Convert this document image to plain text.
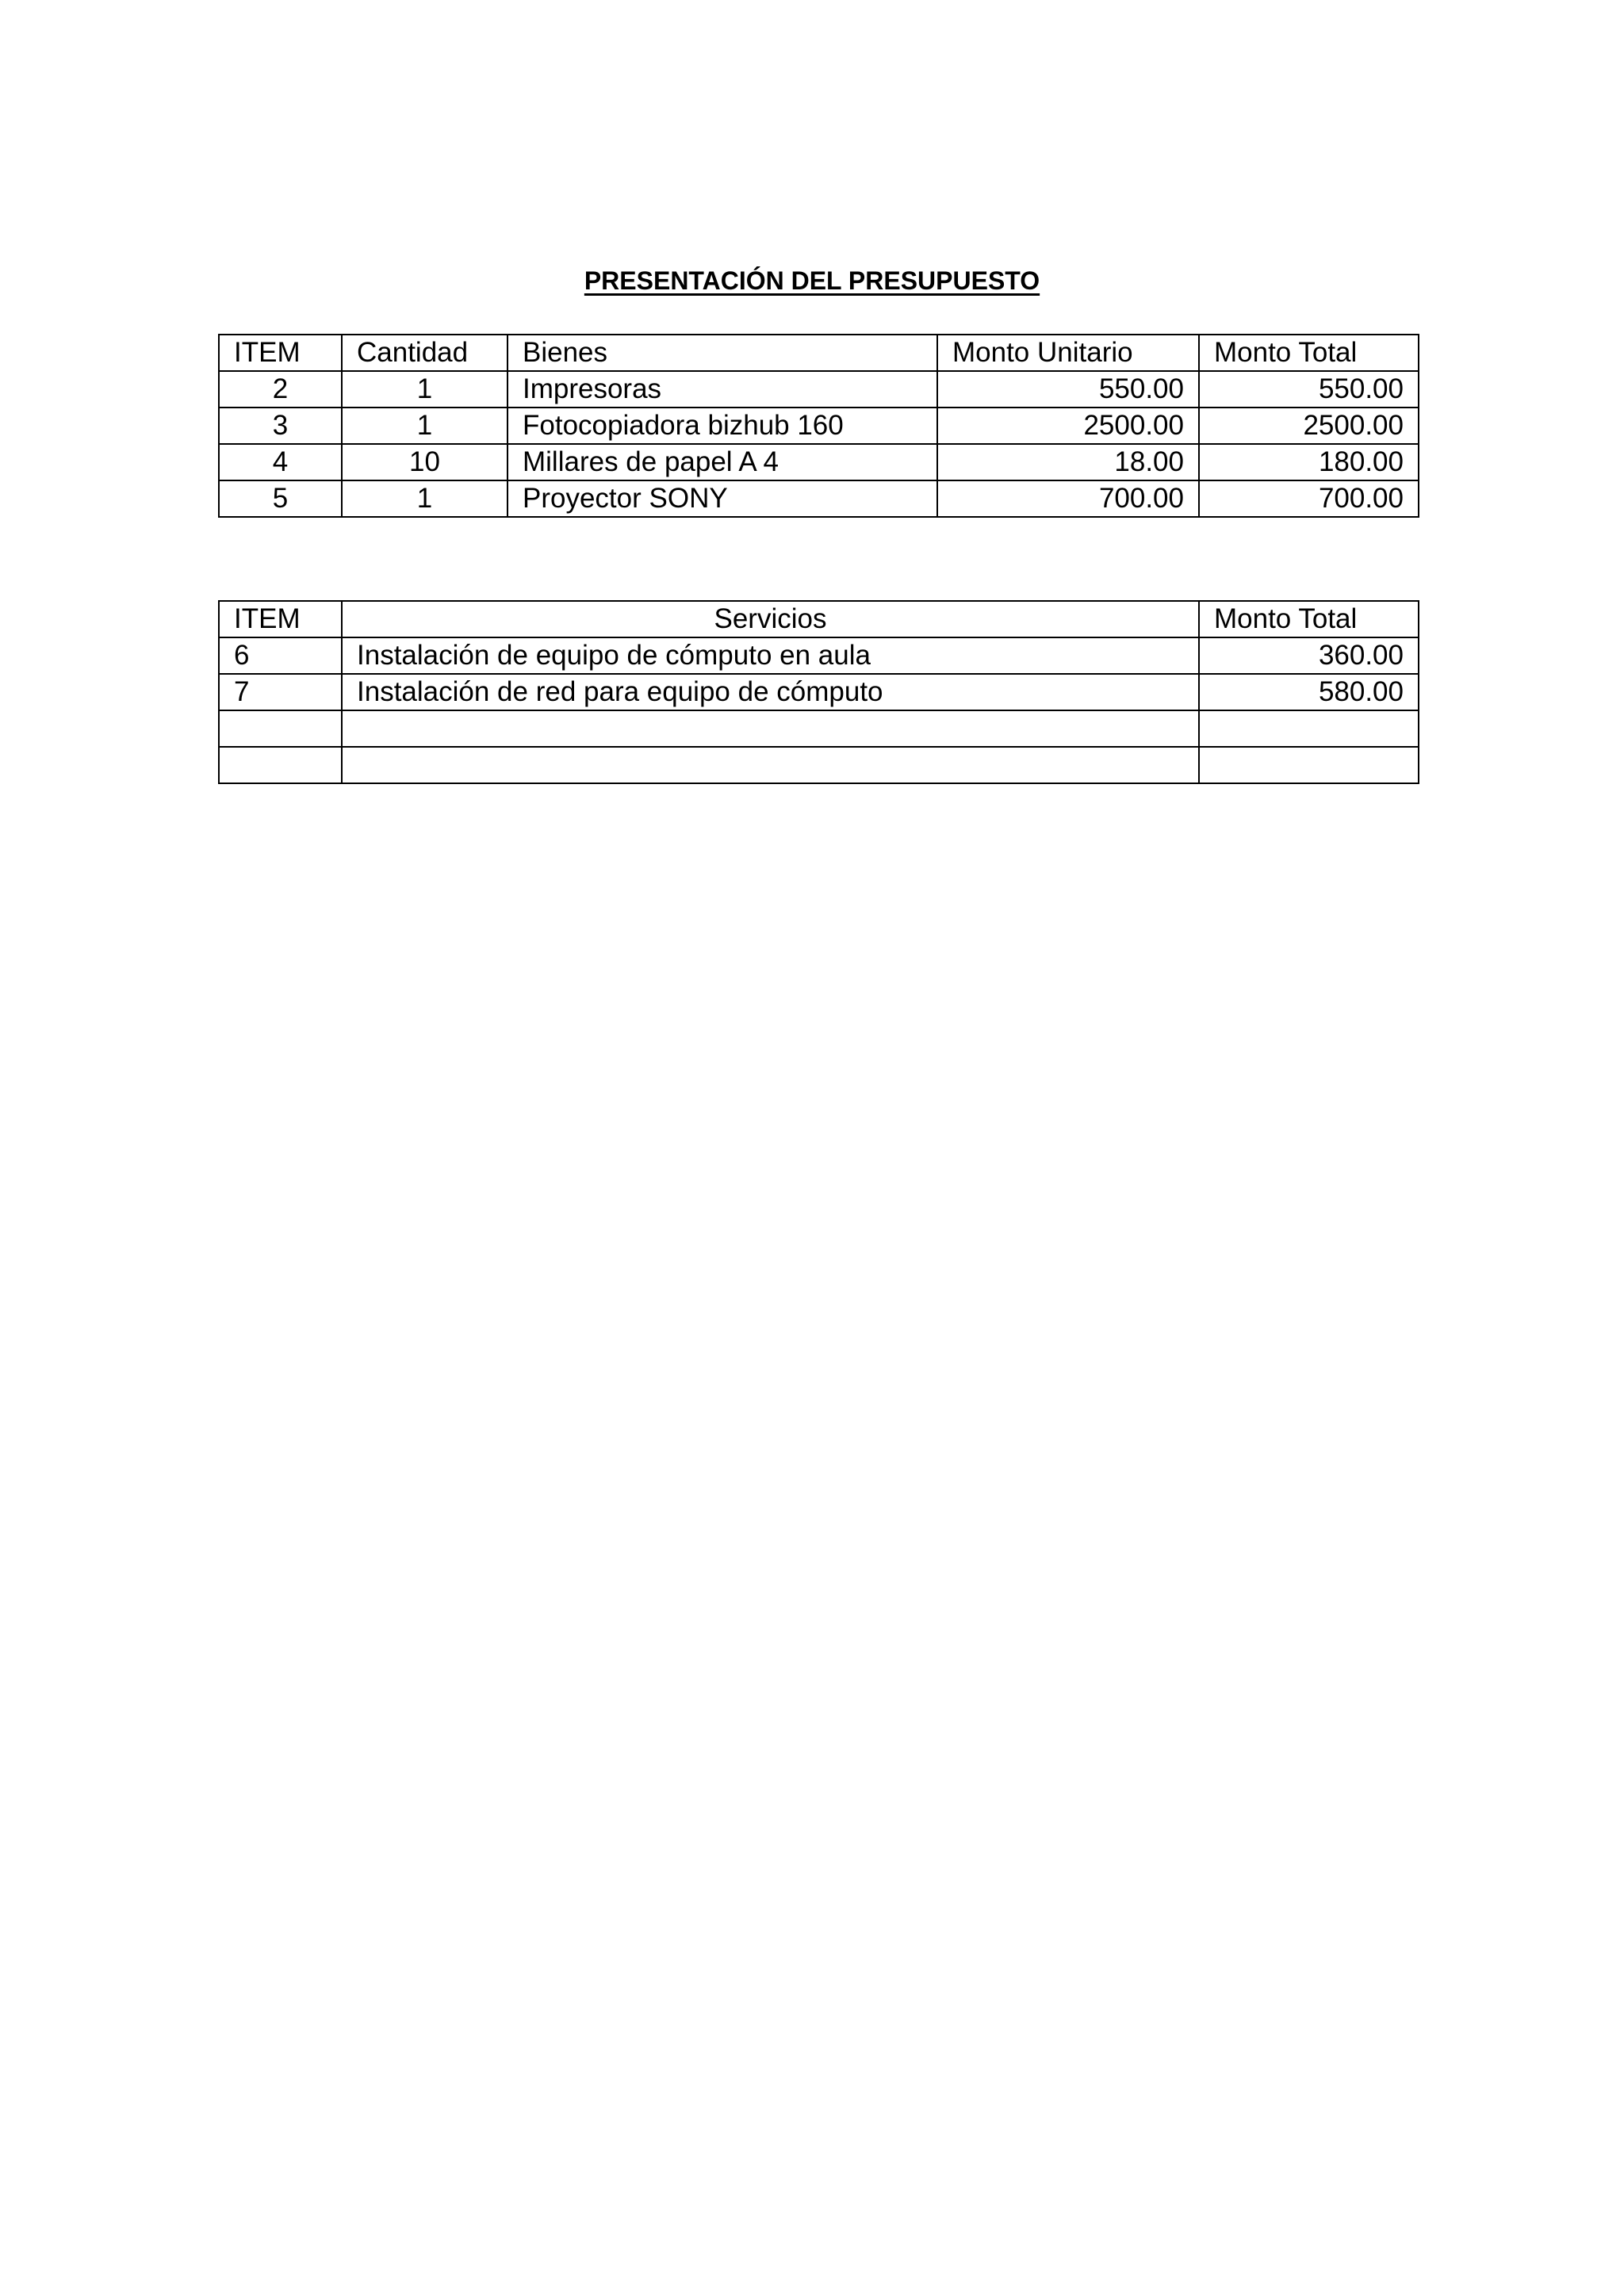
PRESENTACIÓN DEL PRESUPUESTO
ITEM	Cantidad	Bienes	Monto Unitario	Monto Total
2	1	Impresoras	550.00	550.00
3	1	Fotocopiadora bizhub 160	2500.00	2500.00
4	10	Millares de papel A 4	18.00	180.00
5	1	Proyector SONY	700.00	700.00
ITEM	Servicios	Monto Total
6	Instalación de equipo de cómputo en aula	360.00
7	Instalación de red para equipo de cómputo	580.00
